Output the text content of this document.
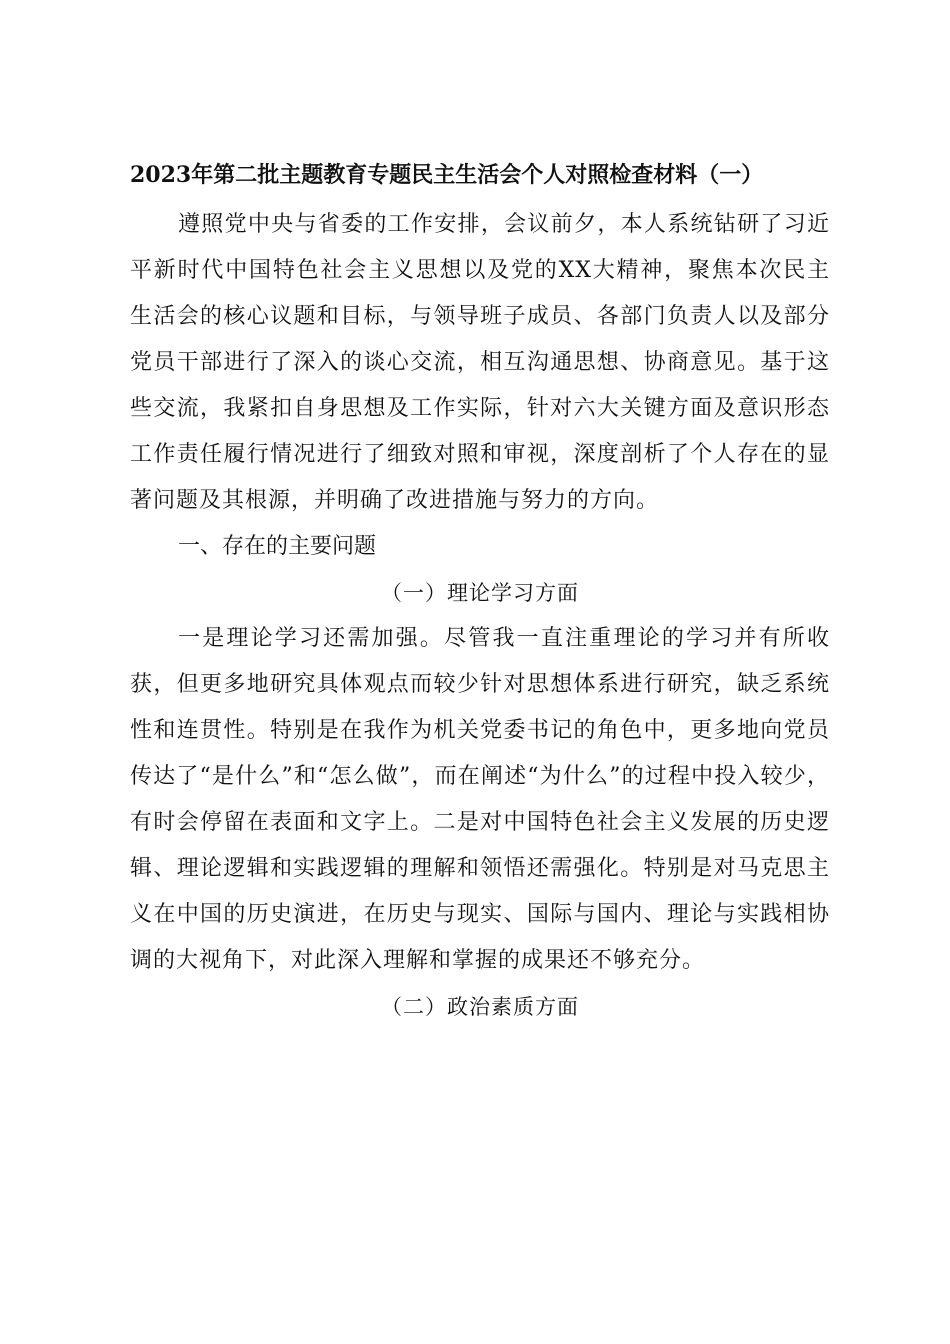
2023年第二批主题教育专题民主生活会个人对照检查材料（一）

遵照党中央与省委的工作安排，会议前夕，本人系统钻研了习近平新时代中国特色社会主义思想以及党的XX大精神，聚焦本次民主生活会的核心议题和目标，与领导班子成员、各部门负责人以及部分党员干部进行了深入的谈心交流，相互沟通思想、协商意见。基于这些交流，我紧扣自身思想及工作实际，针对六大关键方面及意识形态工作责任履行情况进行了细致对照和审视，深度剖析了个人存在的显著问题及其根源，并明确了改进措施与努力的方向。

一、存在的主要问题
（一）理论学习方面

一是理论学习还需加强。尽管我一直注重理论的学习并有所收获，但更多地研究具体观点而较少针对思想体系进行研究，缺乏系统性和连贯性。特别是在我作为机关党委书记的角色中，更多地向党员传达了“是什么”和“怎么做”，而在阐述“为什么”的过程中投入较少，有时会停留在表面和文字上。二是对中国特色社会主义发展的历史逻辑、理论逻辑和实践逻辑的理解和领悟还需强化。特别是对马克思主义在中国的历史演进，在历史与现实、国际与国内、理论与实践相协调的大视角下，对此深入理解和掌握的成果还不够充分。

（二）政治素质方面
